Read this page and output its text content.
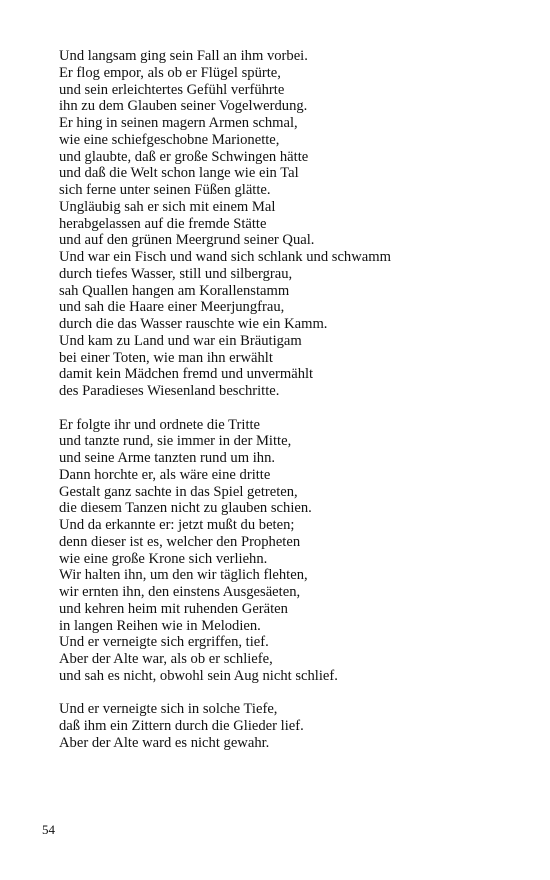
Und langsam ging sein Fall an ihm vorbei.
Er flog empor, als ob er Flügel spürte,
und sein erleichtertes Gefühl verführte
ihn zu dem Glauben seiner Vogelwerdung.
Er hing in seinen magern Armen schmal,
wie eine schiefgeschobne Marionette,
und glaubte, daß er große Schwingen hätte
und daß die Welt schon lange wie ein Tal
sich ferne unter seinen Füßen glätte.
Ungläubig sah er sich mit einem Mal
herabgelassen auf die fremde Stätte
und auf den grünen Meergrund seiner Qual.
Und war ein Fisch und wand sich schlank und schwamm
durch tiefes Wasser, still und silbergrau,
sah Quallen hangen am Korallenstamm
und sah die Haare einer Meerjungfrau,
durch die das Wasser rauschte wie ein Kamm.
Und kam zu Land und war ein Bräutigam
bei einer Toten, wie man ihn erwählt
damit kein Mädchen fremd und unvermählt
des Paradieses Wiesenland beschritte.
Er folgte ihr und ordnete die Tritte
und tanzte rund, sie immer in der Mitte,
und seine Arme tanzten rund um ihn.
Dann horchte er, als wäre eine dritte
Gestalt ganz sachte in das Spiel getreten,
die diesem Tanzen nicht zu glauben schien.
Und da erkannte er: jetzt mußt du beten;
denn dieser ist es, welcher den Propheten
wie eine große Krone sich verliehn.
Wir halten ihn, um den wir täglich flehten,
wir ernten ihn, den einstens Ausgesäeten,
und kehren heim mit ruhenden Geräten
in langen Reihen wie in Melodien.
Und er verneigte sich ergriffen, tief.
Aber der Alte war, als ob er schliefe,
und sah es nicht, obwohl sein Aug nicht schlief.
Und er verneigte sich in solche Tiefe,
daß ihm ein Zittern durch die Glieder lief.
Aber der Alte ward es nicht gewahr.
54
